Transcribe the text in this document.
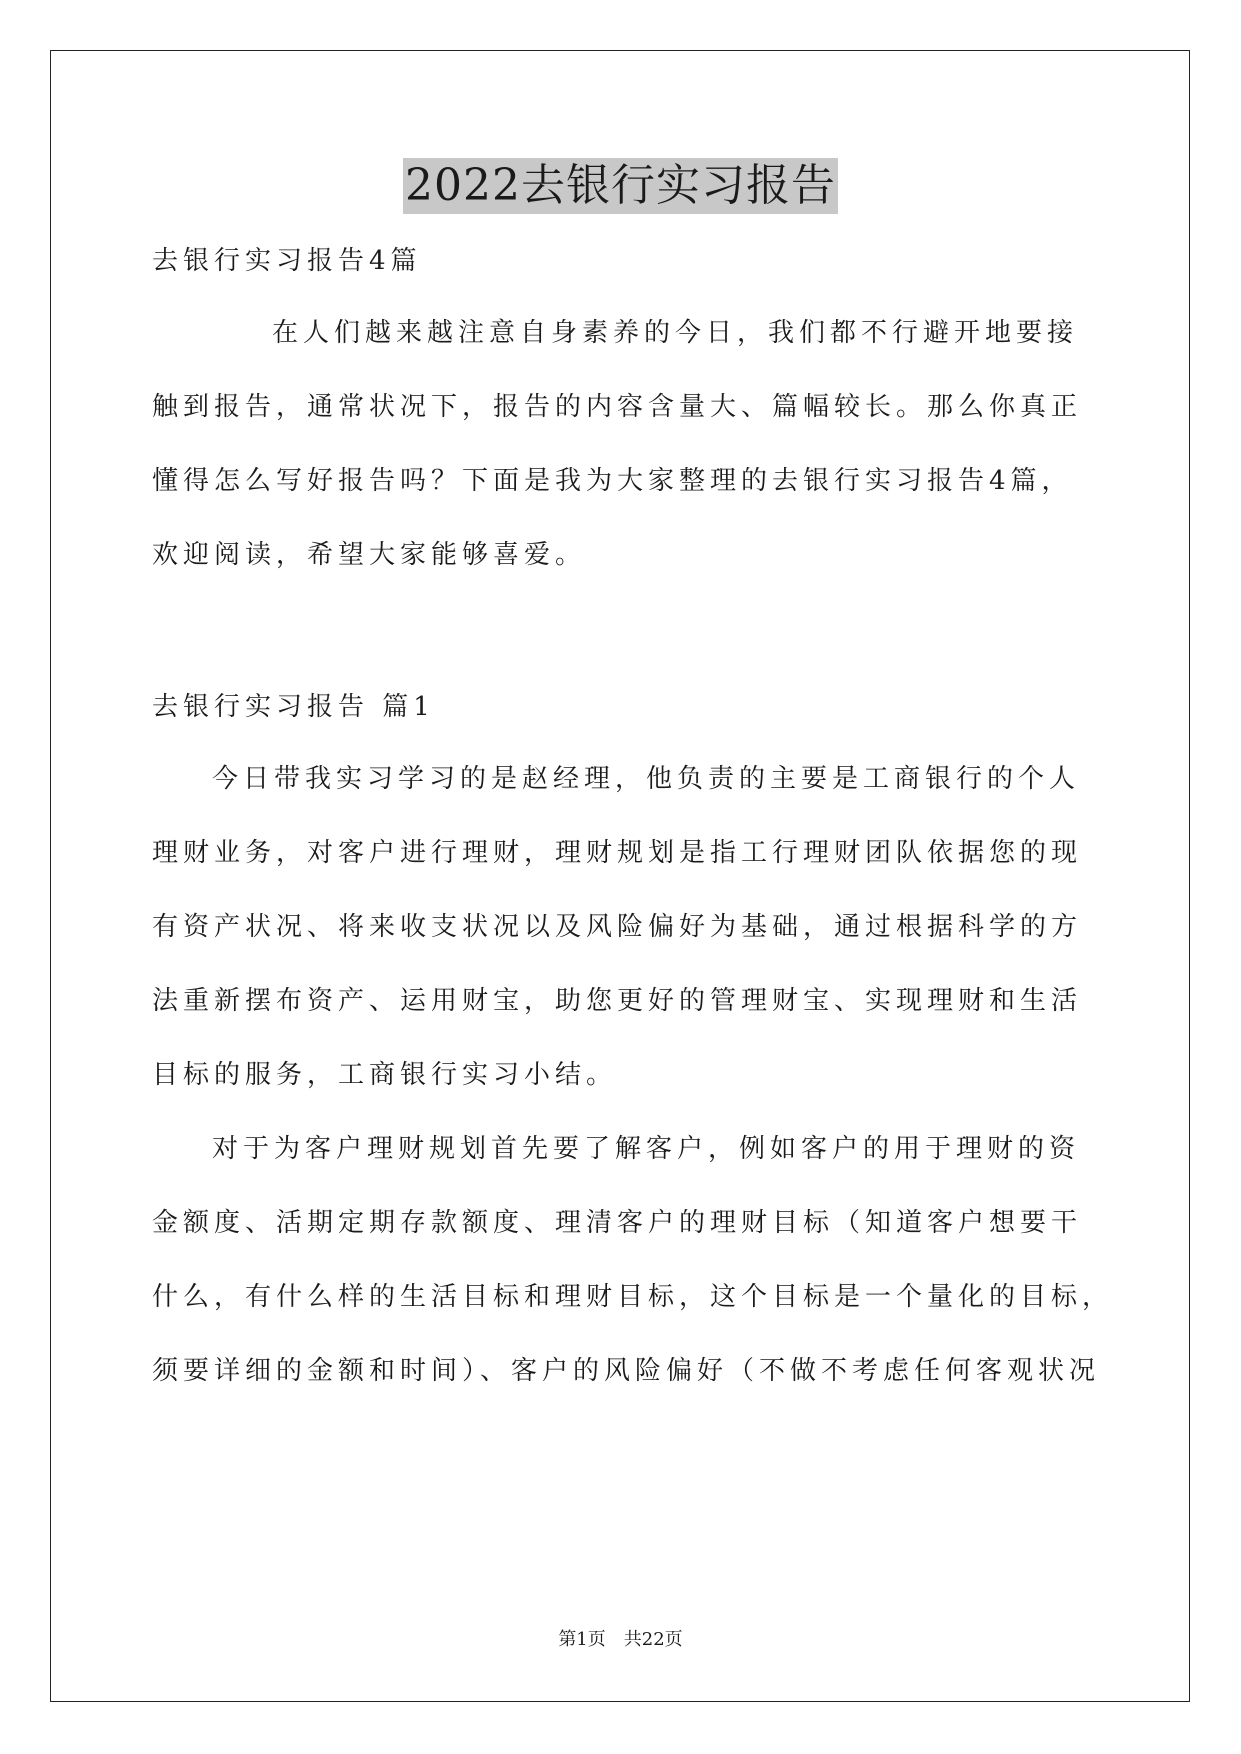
2022去银行实习报告
去银行实习报告4篇
在人们越来越注意自身素养的今日，我们都不行避开地要接
触到报告，通常状况下，报告的内容含量大、篇幅较长。那么你真正
懂得怎么写好报告吗？下面是我为大家整理的去银行实习报告4篇，
欢迎阅读，希望大家能够喜爱。
去银行实习报告 篇1
今日带我实习学习的是赵经理，他负责的主要是工商银行的个人
理财业务，对客户进行理财，理财规划是指工行理财团队依据您的现
有资产状况、将来收支状况以及风险偏好为基础，通过根据科学的方
法重新摆布资产、运用财宝，助您更好的管理财宝、实现理财和生活
目标的服务，工商银行实习小结。
对于为客户理财规划首先要了解客户，例如客户的用于理财的资
金额度、活期定期存款额度、理清客户的理财目标（知道客户想要干
什么，有什么样的生活目标和理财目标，这个目标是一个量化的目标，
须要详细的金额和时间）、客户的风险偏好（不做不考虑任何客观状况
第1页　共22页
